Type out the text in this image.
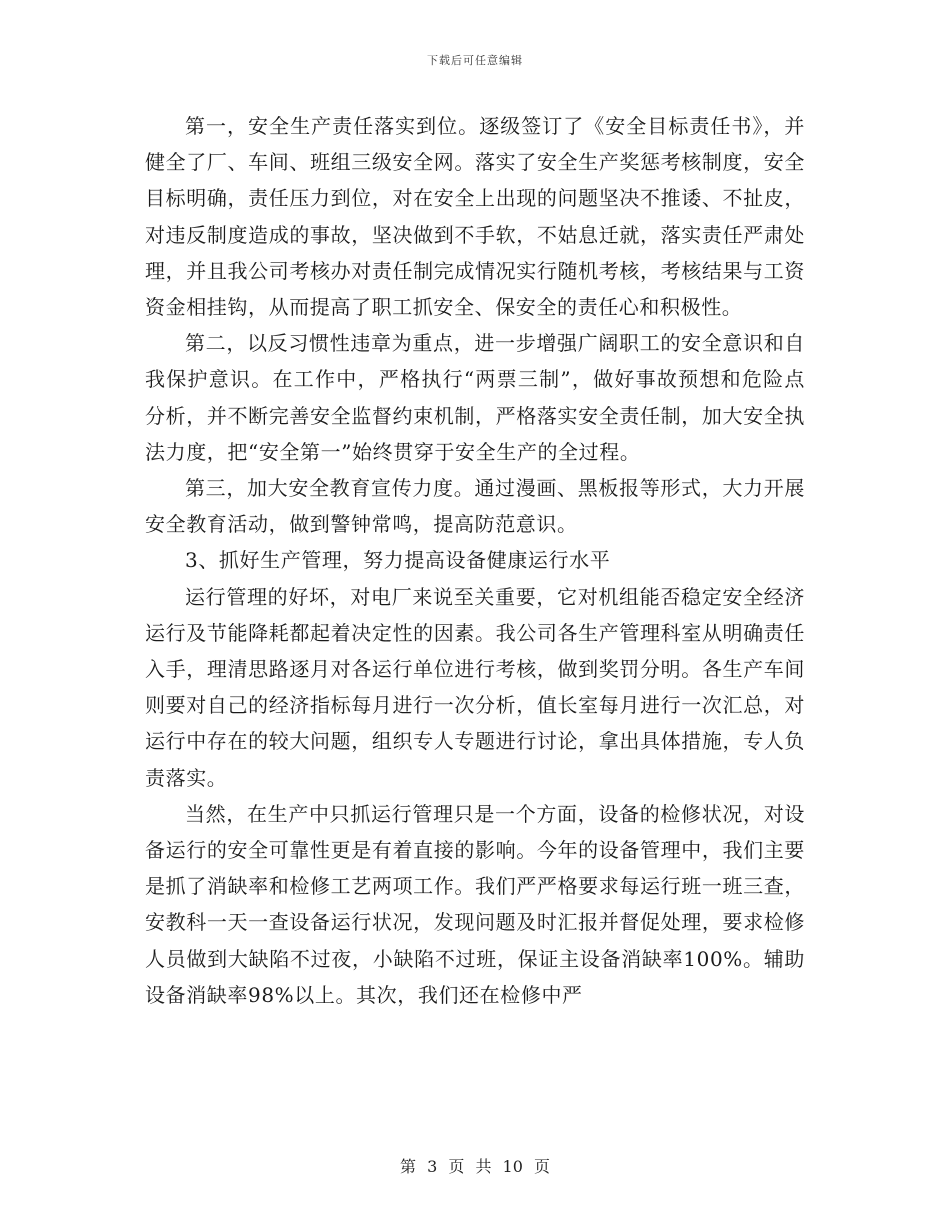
下载后可任意编辑

第一，安全生产责任落实到位。逐级签订了《安全目标责任书》，并健全了厂、车间、班组三级安全网。落实了安全生产奖惩考核制度，安全目标明确，责任压力到位，对在安全上出现的问题坚决不推诿、不扯皮，对违反制度造成的事故，坚决做到不手软，不姑息迁就，落实责任严肃处理，并且我公司考核办对责任制完成情况实行随机考核，考核结果与工资资金相挂钩，从而提高了职工抓安全、保安全的责任心和积极性。

第二，以反习惯性违章为重点，进一步增强广阔职工的安全意识和自我保护意识。在工作中，严格执行“两票三制”，做好事故预想和危险点分析，并不断完善安全监督约束机制，严格落实安全责任制，加大安全执法力度，把“安全第一”始终贯穿于安全生产的全过程。

第三，加大安全教育宣传力度。通过漫画、黑板报等形式，大力开展安全教育活动，做到警钟常鸣，提高防范意识。

3、抓好生产管理，努力提高设备健康运行水平

运行管理的好坏，对电厂来说至关重要，它对机组能否稳定安全经济运行及节能降耗都起着决定性的因素。我公司各生产管理科室从明确责任入手，理清思路逐月对各运行单位进行考核，做到奖罚分明。各生产车间则要对自己的经济指标每月进行一次分析，值长室每月进行一次汇总，对运行中存在的较大问题，组织专人专题进行讨论，拿出具体措施，专人负责落实。

当然，在生产中只抓运行管理只是一个方面，设备的检修状况，对设备运行的安全可靠性更是有着直接的影响。今年的设备管理中，我们主要是抓了消缺率和检修工艺两项工作。我们严严格要求每运行班一班三查，安教科一天一查设备运行状况，发现问题及时汇报并督促处理，要求检修人员做到大缺陷不过夜，小缺陷不过班，保证主设备消缺率100%。辅助设备消缺率98%以上。其次，我们还在检修中严

第 3 页 共 10 页
